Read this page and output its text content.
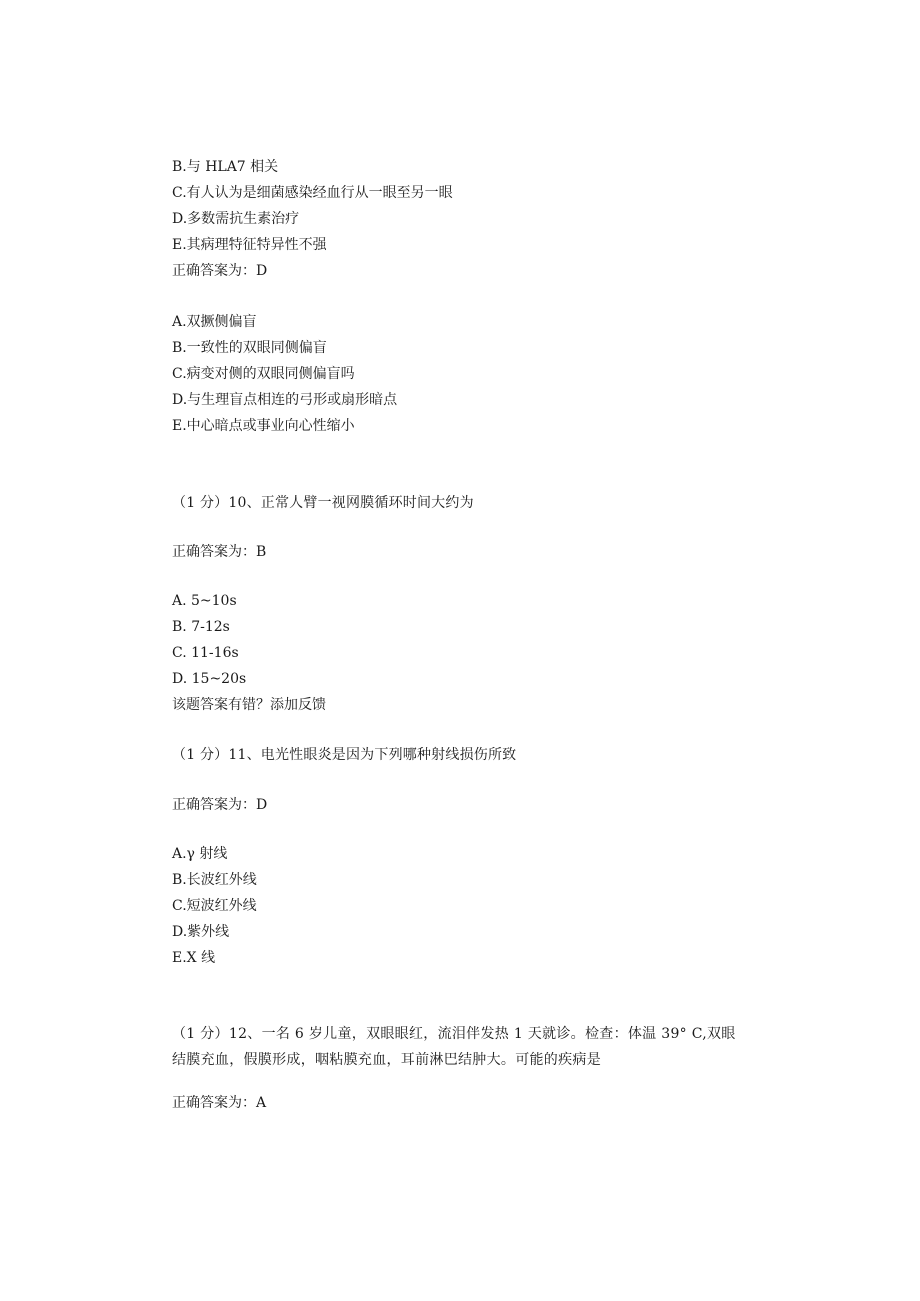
B.与 HLA7 相关
C.有人认为是细菌感染经血行从一眼至另一眼
D.多数需抗生素治疗
E.其病理特征特异性不强
正确答案为：D
A.双撅侧偏盲
B.一致性的双眼同侧偏盲
C.病变对侧的双眼同侧偏盲吗
D.与生理盲点相连的弓形或扇形暗点
E.中心暗点或事业向心性缩小
（1 分）10、正常人臂一视网膜循环时间大约为
正确答案为：B
A. 5~10s
B. 7-12s
C. 11-16s
D. 15~20s
该题答案有错？添加反馈
（1 分）11、电光性眼炎是因为下列哪种射线损伤所致
正确答案为：D
A.γ 射线
B.长波红外线
C.短波红外线
D.紫外线
E.X 线
（1 分）12、一名 6 岁儿童，双眼眼红，流泪伴发热 1 天就诊。检查：体温 39° C,双眼结膜充血，假膜形成，咽粘膜充血，耳前淋巴结肿大。可能的疾病是
正确答案为：A
